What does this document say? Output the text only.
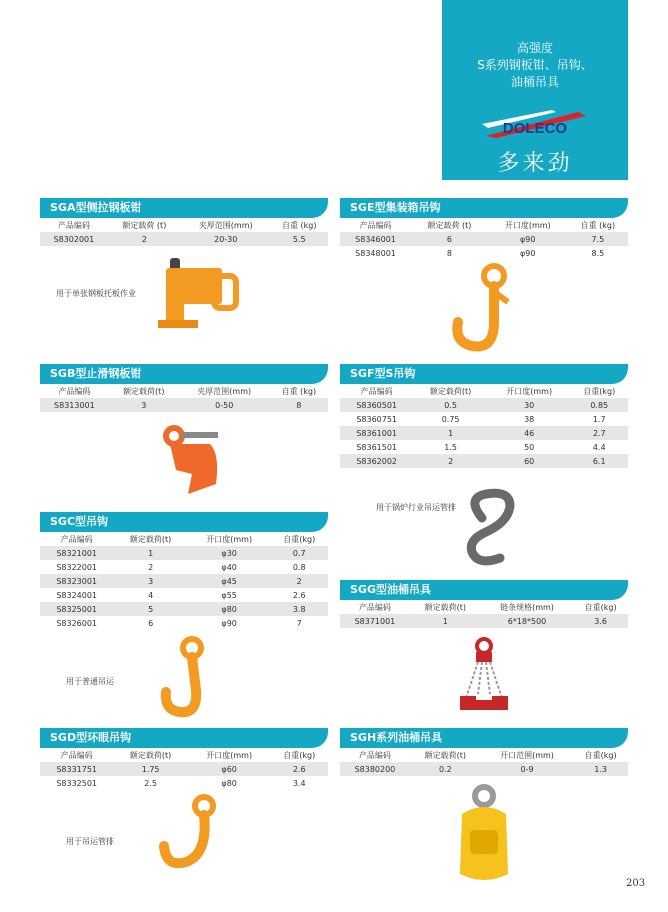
高强度
S系列钢板钳、吊钩、
油桶吊具
DOLECO
多来劲
SGA型侧拉钢板钳
产品编码	额定载荷 (t)	夹厚范围(mm)	自重 (kg)
S8302001	2	20-30	5.5
用于单张钢板托板作业
SGE型集装箱吊钩
产品编码	额定载荷 (t)	开口度(mm)	自重 (kg)
S8346001	6	φ90	7.5
S8348001	8	φ90	8.5
SGB型止滑钢板钳
产品编码	额定载荷(t)	夹厚范围(mm)	自重 (kg)
S8313001	3	0-50	8
SGF型S吊钩
产品编码	额定载荷(t)	开口度(mm)	自重(kg)
S8360501	0.5	30	0.85
S8360751	0.75	38	1.7
S8361001	1	46	2.7
S8361501	1.5	50	4.4
S8362002	2	60	6.1
用于锅炉行业吊运管排
SGC型吊钩
产品编码	额定载荷(t)	开口度(mm)	自重(kg)
S8321001	1	φ30	0.7
S8322001	2	φ40	0.8
S8323001	3	φ45	2
S8324001	4	φ55	2.6
S8325001	5	φ80	3.8
S8326001	6	φ90	7
用于普通吊运
SGG型油桶吊具
产品编码	额定载荷(t)	链条规格(mm)	自重(kg)
S8371001	1	6*18*500	3.6
SGD型环眼吊钩
产品编码	额定载荷(t)	开口度(mm)	自重(kg)
S8331751	1.75	φ60	2.6
S8332501	2.5	φ80	3.4
用于吊运管排
SGH系列油桶吊具
产品编码	额定载荷(t)	开口范围(mm)	自重(kg)
S8380200	0.2	0-9	1.3
203
